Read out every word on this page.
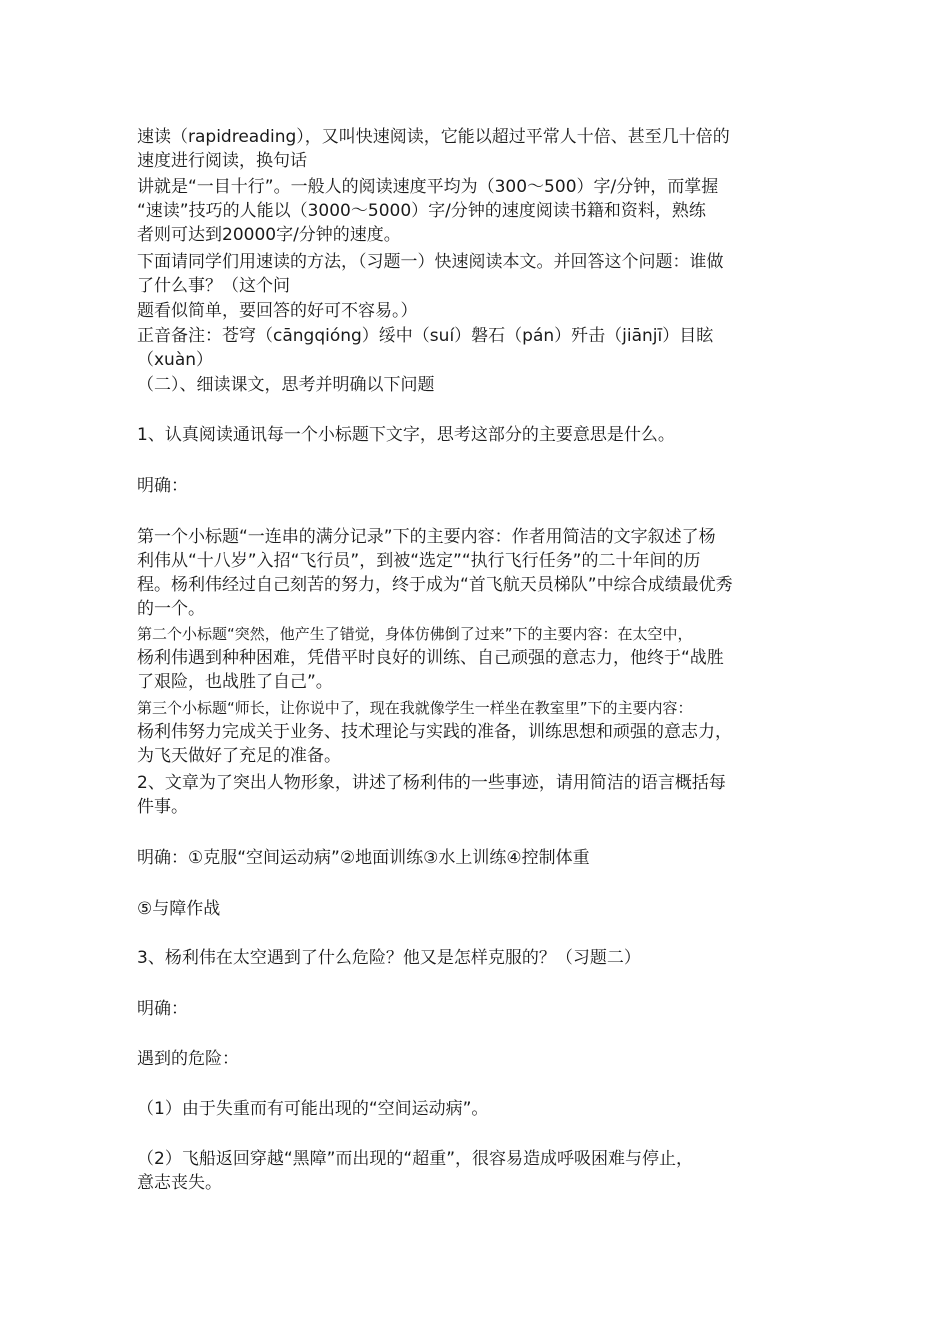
速读（rapidreading），又叫快速阅读，它能以超过平常人十倍、甚至几十倍的
速度进行阅读，换句话

讲就是“一目十行”。一般人的阅读速度平均为（300～500）字/分钟，而掌握
“速读”技巧的人能以（3000～5000）字/分钟的速度阅读书籍和资料，熟练
者则可达到20000字/分钟的速度。

下面请同学们用速读的方法，（习题一）快速阅读本文。并回答这个问题：谁做
了什么事？（这个问

题看似简单，要回答的好可不容易。）

正音备注：苍穹（cāngqióng）绥中（suí）磐石（pán）歼击（jiānjī）目眩
（xuàn）

（二）、细读课文，思考并明确以下问题

1、认真阅读通讯每一个小标题下文字，思考这部分的主要意思是什么。

明确：

第一个小标题“一连串的满分记录”下的主要内容：作者用简洁的文字叙述了杨
利伟从“十八岁”入招“飞行员”，到被“选定”“执行飞行任务”的二十年间的历
程。杨利伟经过自己刻苦的努力，终于成为“首飞航天员梯队”中综合成绩最优秀
的一个。

第二个小标题“突然，他产生了错觉，身体仿佛倒了过来”下的主要内容：在太空中，
杨利伟遇到种种困难，凭借平时良好的训练、自己顽强的意志力，他终于“战胜
了艰险，也战胜了自己”。

第三个小标题“师长，让你说中了，现在我就像学生一样坐在教室里”下的主要内容：
杨利伟努力完成关于业务、技术理论与实践的准备，训练思想和顽强的意志力，
为飞天做好了充足的准备。

2、文章为了突出人物形象，讲述了杨利伟的一些事迹，请用简洁的语言概括每
件事。

明确：①克服“空间运动病”②地面训练③水上训练④控制体重

⑤与障作战

3、杨利伟在太空遇到了什么危险？他又是怎样克服的？（习题二）

明确：

遇到的危险：

（1）由于失重而有可能出现的“空间运动病”。

（2）飞船返回穿越“黑障”而出现的“超重”，很容易造成呼吸困难与停止，
意志丧失。
